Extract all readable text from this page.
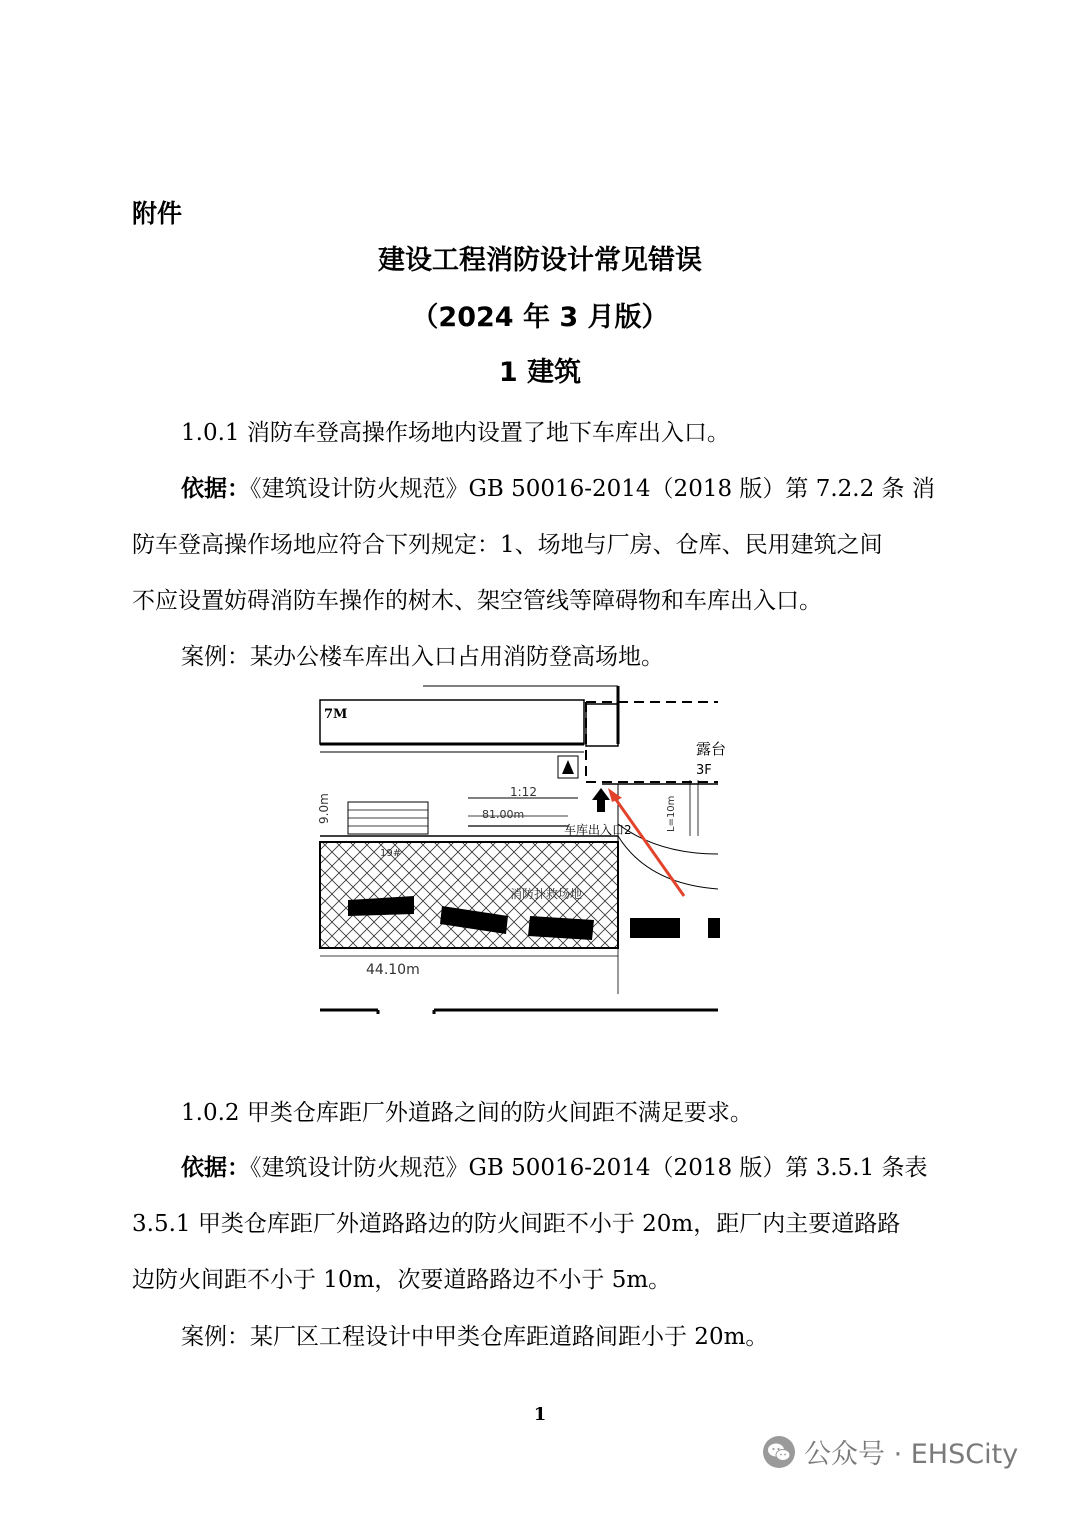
附件
建设工程消防设计常见错误
（2024 年 3 月版）
1 建筑
1.0.1 消防车登高操作场地内设置了地下车库出入口。
依据：《建筑设计防火规范》GB 50016-2014（2018 版）第 7.2.2 条 消
防车登高操作场地应符合下列规定：1、场地与厂房、仓库、民用建筑之间
不应设置妨碍消防车操作的树木、架空管线等障碍物和车库出入口。
案例：某办公楼车库出入口占用消防登高场地。
7M
露台
3F
1:12
81.00m
车库出入口2
消防扑救场地
44.10m
19#
9.0m	L=10m
1.0.2 甲类仓库距厂外道路之间的防火间距不满足要求。
依据：《建筑设计防火规范》GB 50016-2014（2018 版）第 3.5.1 条表
3.5.1 甲类仓库距厂外道路路边的防火间距不小于 20m，距厂内主要道路路
边防火间距不小于 10m，次要道路路边不小于 5m。
案例：某厂区工程设计中甲类仓库距道路间距小于 20m。
1
公众号 · EHSCity
